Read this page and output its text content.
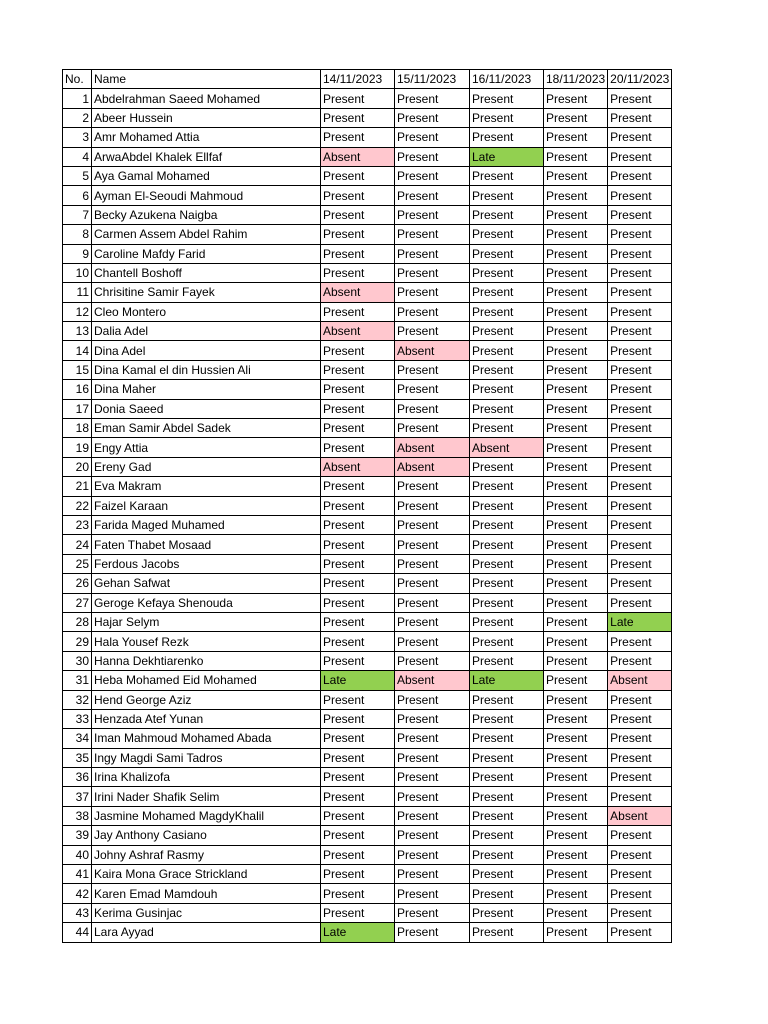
No.	Name	14/11/2023	15/11/2023	16/11/2023	18/11/2023	20/11/2023
1	Abdelrahman Saeed Mohamed	Present	Present	Present	Present	Present
2	Abeer Hussein	Present	Present	Present	Present	Present
3	Amr Mohamed Attia	Present	Present	Present	Present	Present
4	ArwaAbdel Khalek Ellfaf	Absent	Present	Late	Present	Present
5	Aya Gamal Mohamed	Present	Present	Present	Present	Present
6	Ayman El-Seoudi Mahmoud	Present	Present	Present	Present	Present
7	Becky Azukena Naigba	Present	Present	Present	Present	Present
8	Carmen Assem Abdel Rahim	Present	Present	Present	Present	Present
9	Caroline Mafdy Farid	Present	Present	Present	Present	Present
10	Chantell Boshoff	Present	Present	Present	Present	Present
11	Chrisitine Samir Fayek	Absent	Present	Present	Present	Present
12	Cleo Montero	Present	Present	Present	Present	Present
13	Dalia Adel	Absent	Present	Present	Present	Present
14	Dina Adel	Present	Absent	Present	Present	Present
15	Dina Kamal el din Hussien Ali	Present	Present	Present	Present	Present
16	Dina Maher	Present	Present	Present	Present	Present
17	Donia Saeed	Present	Present	Present	Present	Present
18	Eman Samir Abdel Sadek	Present	Present	Present	Present	Present
19	Engy Attia	Present	Absent	Absent	Present	Present
20	Ereny Gad	Absent	Absent	Present	Present	Present
21	Eva Makram	Present	Present	Present	Present	Present
22	Faizel Karaan	Present	Present	Present	Present	Present
23	Farida Maged Muhamed	Present	Present	Present	Present	Present
24	Faten Thabet Mosaad	Present	Present	Present	Present	Present
25	Ferdous Jacobs	Present	Present	Present	Present	Present
26	Gehan Safwat	Present	Present	Present	Present	Present
27	Geroge Kefaya Shenouda	Present	Present	Present	Present	Present
28	Hajar Selym	Present	Present	Present	Present	Late
29	Hala Yousef Rezk	Present	Present	Present	Present	Present
30	Hanna Dekhtiarenko	Present	Present	Present	Present	Present
31	Heba Mohamed Eid Mohamed	Late	Absent	Late	Present	Absent
32	Hend George Aziz	Present	Present	Present	Present	Present
33	Henzada Atef Yunan	Present	Present	Present	Present	Present
34	Iman Mahmoud Mohamed Abada	Present	Present	Present	Present	Present
35	Ingy Magdi Sami Tadros	Present	Present	Present	Present	Present
36	Irina Khalizofa	Present	Present	Present	Present	Present
37	Irini Nader Shafik Selim	Present	Present	Present	Present	Present
38	Jasmine Mohamed MagdyKhalil	Present	Present	Present	Present	Absent
39	Jay Anthony Casiano	Present	Present	Present	Present	Present
40	Johny Ashraf Rasmy	Present	Present	Present	Present	Present
41	Kaira Mona Grace Strickland	Present	Present	Present	Present	Present
42	Karen Emad Mamdouh	Present	Present	Present	Present	Present
43	Kerima Gusinjac	Present	Present	Present	Present	Present
44	Lara Ayyad	Late	Present	Present	Present	Present
